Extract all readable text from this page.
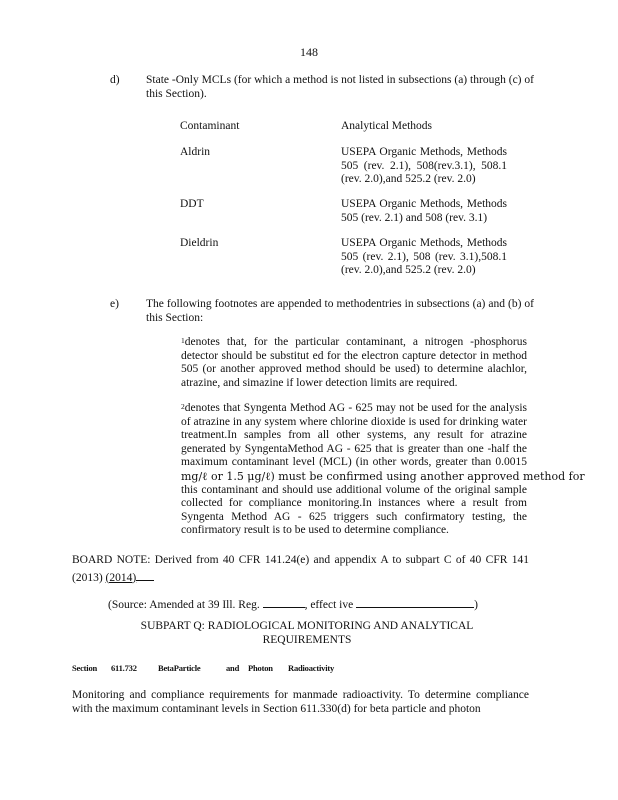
148
d) State -Only MCLs (for which a method is not listed in subsections (a) through (c) of this Section).
Contaminant	Analytical Methods
Aldrin	USEPA Organic Methods, Methods
505 (rev. 2.1), 508(rev.3.1), 508.1
(rev. 2.0),and 525.2 (rev. 2.0)
DDT	USEPA Organic Methods, Methods
505 (rev. 2.1) and 508 (rev. 3.1)
Dieldrin	USEPA Organic Methods, Methods
505 (rev. 2.1), 508 (rev. 3.1),508.1
(rev. 2.0),and 525.2 (rev. 2.0)
e) The following footnotes are appended to methodentries in subsections (a) and (b) of this Section:
$^1$denotes that, for the particular contaminant, a nitrogen -phosphorus detector should be substitut ed for the electron capture detector in method 505 (or another approved method should be used) to determine alachlor, atrazine, and simazine if lower detection limits are required.
$^2$denotes that Syngenta Method AG - 625 may not be used for the analysis of atrazine in any system where chlorine dioxide is used for drinking water treatment.In samples from all other systems, any result for atrazine generated by SyngentaMethod AG - 625 that is greater than one -half the maximum contaminant level (MCL) (in other words, greater than 0.0015
mg/ℓ or 1.5 μg/ℓ) must be confirmed using another approved method for
this contaminant and should use additional volume of the original sample collected for compliance monitoring.In instances where a result from Syngenta Method AG - 625 triggers such confirmatory testing, the confirmatory result is to be used to determine compliance.
BOARD NOTE: Derived from 40 CFR 141.24(e) and appendix A to subpart C of 40 CFR 141 (2013) (2014)
(Source: Amended at 39 Ill. Reg.	, effect ive	)
SUBPART Q: RADIOLOGICAL MONITORING AND ANALYTICAL
REQUIREMENTS
Section 611.732 BetaParticle	and Photon Radioactivity
Monitoring and compliance requirements for manmade radioactivity. To determine compliance with the maximum contaminant levels in Section 611.330(d) for beta particle and photon
